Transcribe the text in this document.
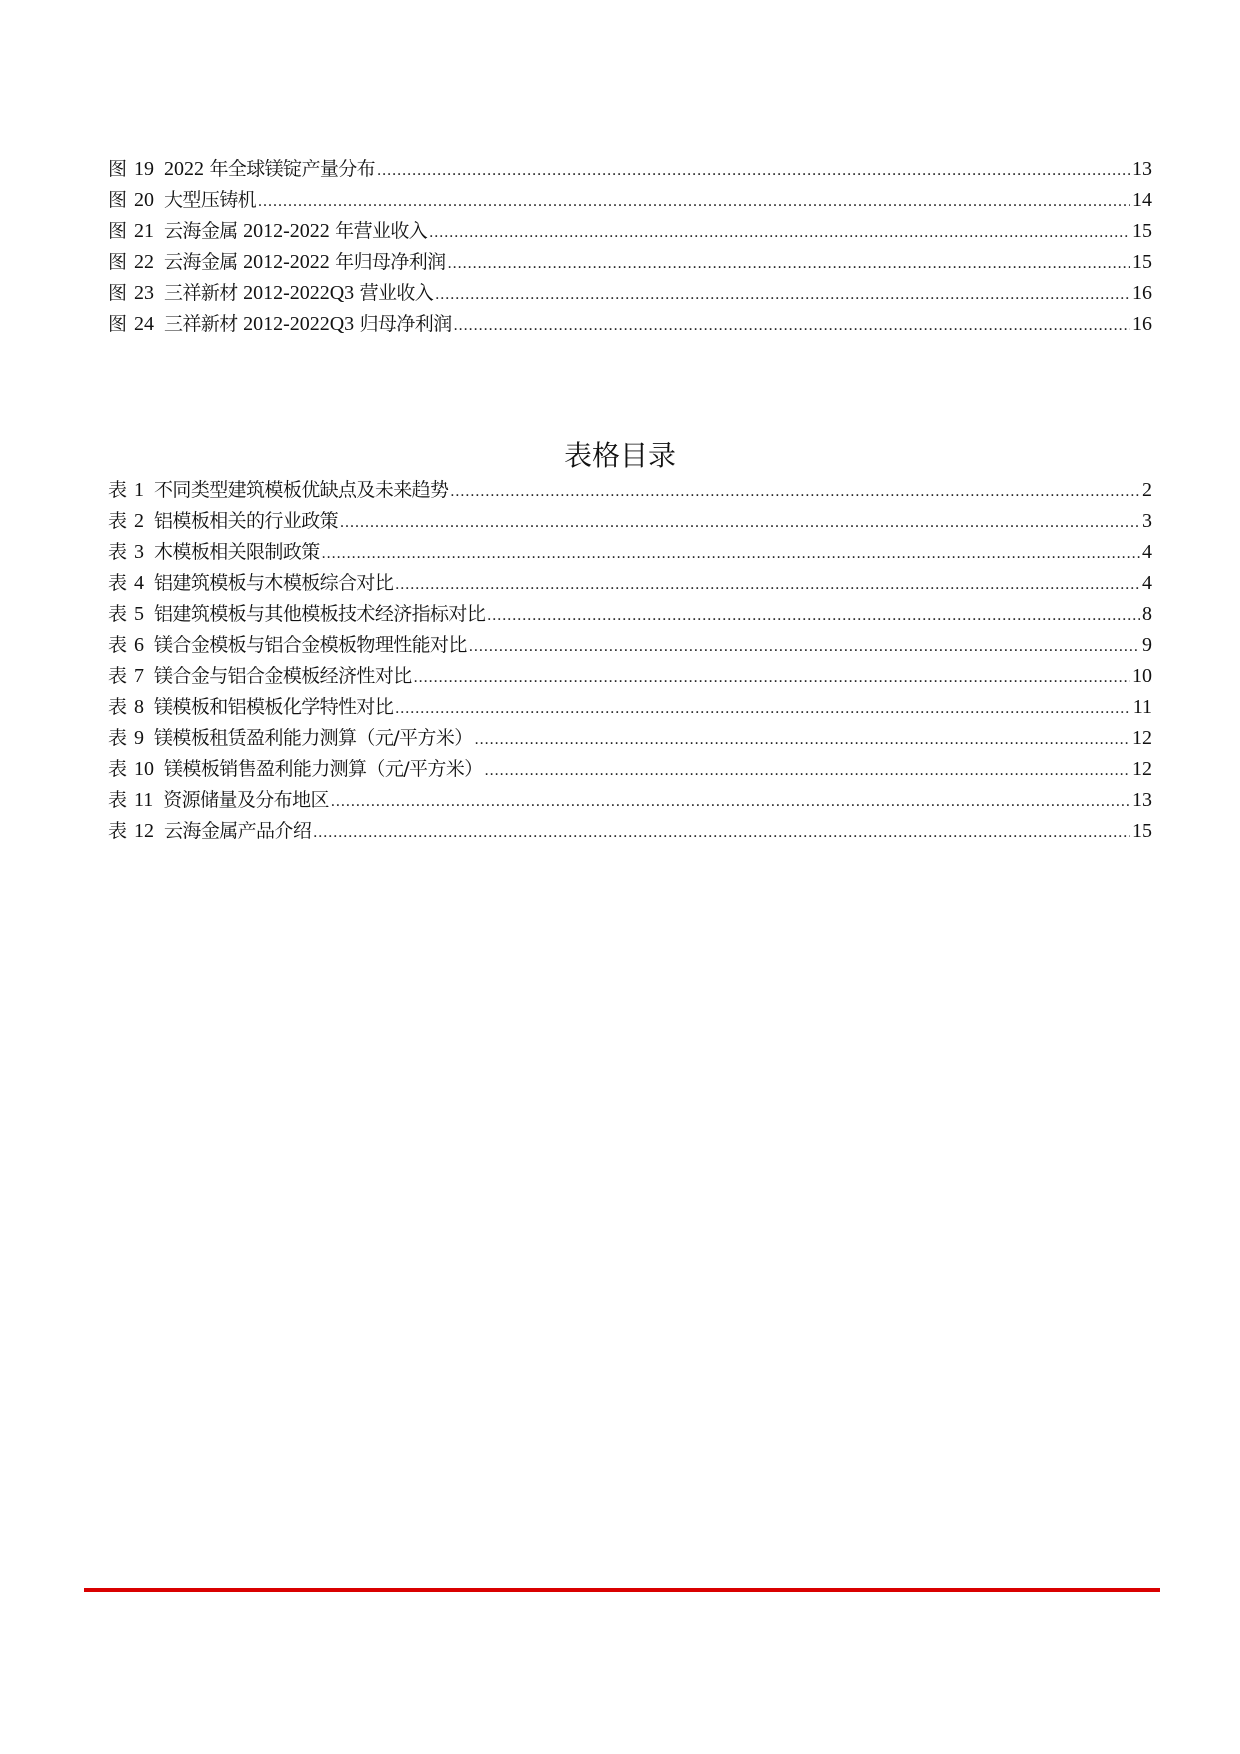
图 19 2022 年全球镁锭产量分布 .....	13
图 20 大型压铸机 .....	14
图 21 云海金属 2012-2022 年营业收入 .....	15
图 22 云海金属 2012-2022 年归母净利润 .....	15
图 23 三祥新材 2012-2022Q3 营业收入 .....	16
图 24 三祥新材 2012-2022Q3 归母净利润 .....	16
表格目录
表 1 不同类型建筑模板优缺点及未来趋势 .....	2
表 2 铝模板相关的行业政策 .....	3
表 3 木模板相关限制政策 .....	4
表 4 铝建筑模板与木模板综合对比 .....	4
表 5 铝建筑模板与其他模板技术经济指标对比 .....	8
表 6 镁合金模板与铝合金模板物理性能对比 .....	9
表 7 镁合金与铝合金模板经济性对比 .....	10
表 8 镁模板和铝模板化学特性对比 .....	11
表 9 镁模板租赁盈利能力测算（元/平方米） .....	12
表 10 镁模板销售盈利能力测算（元/平方米） .....	12
表 11 资源储量及分布地区 .....	13
表 12 云海金属产品介绍 .....	15
